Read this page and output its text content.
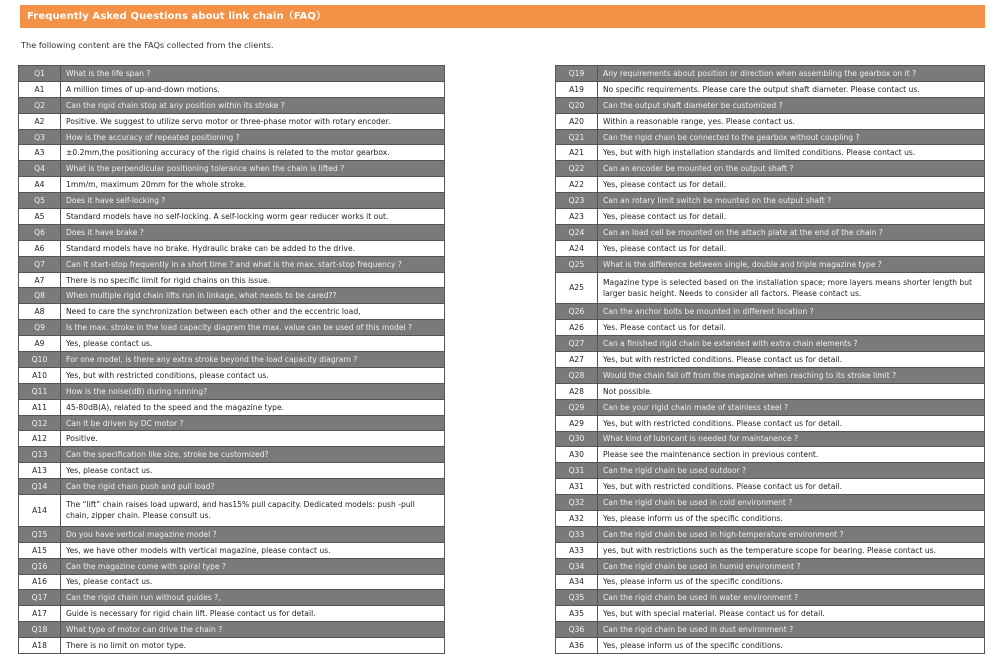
Frequently Asked Questions about link chain（FAQ）
The following content are the FAQs collected from the clients.
Q1	What is the life span ?
A1	A million times of up-and-down motions.
Q2	Can the rigid chain stop at any position within its stroke ?
A2	Positive. We suggest to utilize servo motor or three-phase motor with rotary encoder.
Q3	How is the accuracy of repeated positioning ?
A3	±0.2mm,the positioning accuracy of the rigid chains is related to the motor gearbox.
Q4	What is the perpendicular positioning tolerance when the chain is lifted ?
A4	1mm/m, maximum 20mm for the whole stroke.
Q5	Does it have self-locking ?
A5	Standard models have no self-locking. A self-locking worm gear reducer works it out.
Q6	Does it have brake ?
A6	Standard models have no brake. Hydraulic brake can be added to the drive.
Q7	Can it start-stop frequently in a short time ? and what is the max. start-stop frequency ?
A7	There is no specific limit for rigid chains on this issue.
Q8	When multiple rigid chain lifts run in linkage, what needs to be cared??
A8	Need to care the synchronization between each other and the eccentric load,
Q9	Is the max. stroke in the load capacity diagram the max. value can be used of this model ?
A9	Yes, please contact us.
Q10	For one model, is there any extra stroke beyond the load capacity diagram ?
A10	Yes, but with restricted conditions, please contact us.
Q11	How is the noise(dB) during running?
A11	45-80dB(A), related to the speed and the magazine type.
Q12	Can it be driven by DC motor ?
A12	Positive.
Q13	Can the specification like size, stroke be customized?
A13	Yes, please contact us.
Q14	Can the rigid chain push and pull load?
A14	The “lift” chain raises load upward, and has15% pull capacity. Dedicated models: push -pull chain, zipper chain. Please consult us.
Q15	Do you have vertical magazine model ?
A15	Yes, we have other models with vertical magazine, please contact us.
Q16	Can the magazine come with spiral type ?
A16	Yes, please contact us.
Q17	Can the rigid chain run without guides ?,
A17	Guide is necessary for rigid chain lift. Please contact us for detail.
Q18	What type of motor can drive the chain ?
A18	There is no limit on motor type.
Q19	Any requirements about position or direction when assembling the gearbox on it ?
A19	No specific requirements. Please care the output shaft diameter. Please contact us.
Q20	Can the output shaft diameter be customized ?
A20	Within a reasonable range, yes. Please contact us.
Q21	Can the rigid chain be connected to the gearbox without coupling ?
A21	Yes, but with high installation standards and limited conditions. Please contact us.
Q22	Can an encoder be mounted on the output shaft ?
A22	Yes, please contact us for detail.
Q23	Can an rotary limit switch be mounted on the output shaft ?
A23	Yes, please contact us for detail.
Q24	Can an load cell be mounted on the attach plate at the end of the chain ?
A24	Yes, please contact us for detail.
Q25	What is the difference between single, double and triple magazine type ?
A25	Magazine type is selected based on the installation space; more layers means shorter length but larger basic height. Needs to consider all factors. Please contact us.
Q26	Can the anchor bolts be mounted in different location ?
A26	Yes. Please contact us for detail.
Q27	Can a finished rigid chain be extended with extra chain elements ?
A27	Yes, but with restricted conditions. Please contact us for detail.
Q28	Would the chain fall off from the magazine when reaching to its stroke limit ?
A28	Not possible.
Q29	Can be your rigid chain made of stainless steel ?
A29	Yes, but with restricted conditions. Please contact us for detail.
Q30	What kind of lubricant is needed for maintanence ?
A30	Please see the maintenance section in previous content.
Q31	Can the rigid chain be used outdoor ?
A31	Yes, but with restricted conditions. Please contact us for detail.
Q32	Can the rigid chain be used in cold environment ?
A32	Yes, please inform us of the specific conditions.
Q33	Can the rigid chain be used in high-temperature environment ?
A33	yes, but with restrictions such as the temperature scope for bearing. Please contact us.
Q34	Can the rigid chain be used in humid environment ?
A34	Yes, please inform us of the specific conditions.
Q35	Can the rigid chain be used in water environment ?
A35	Yes, but with special material. Please contact us for detail.
Q36	Can the rigid chain be used in dust environment ?
A36	Yes, please inform us of the specific conditions.
